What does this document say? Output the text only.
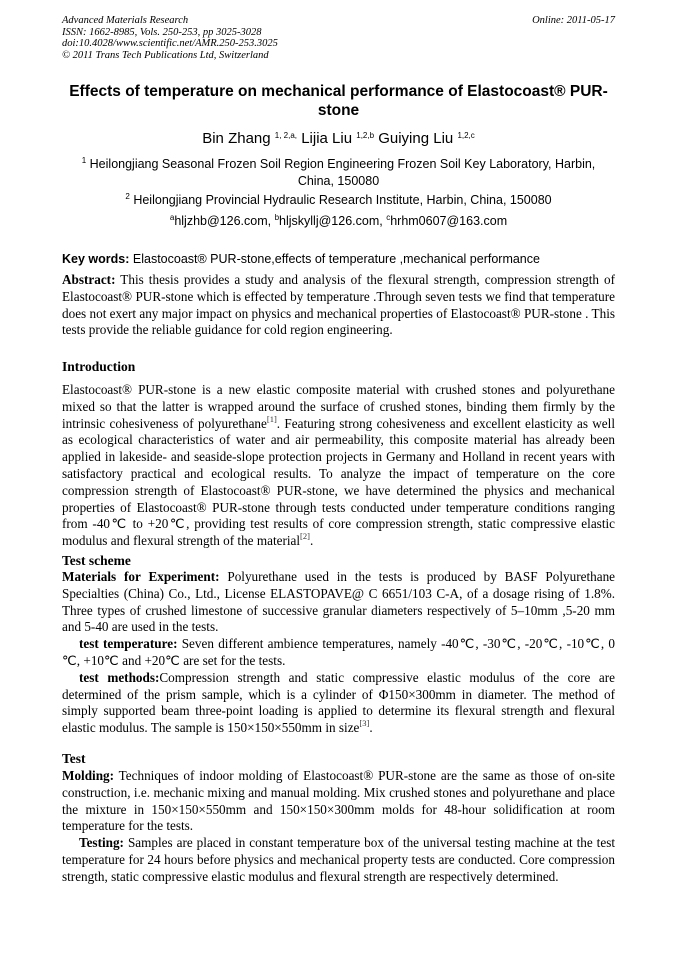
Advanced Materials Research
ISSN: 1662-8985, Vols. 250-253, pp 3025-3028
doi:10.4028/www.scientific.net/AMR.250-253.3025
© 2011 Trans Tech Publications Ltd, Switzerland
Online: 2011-05-17
Effects of temperature on mechanical performance of Elastocoast® PUR-stone
Bin Zhang $^{1, 2,a,}$ Lijia Liu $^{1,2,b}$ Guiying Liu $^{1,2,c}$
$^1$ Heilongjiang Seasonal Frozen Soil Region Engineering Frozen Soil Key Laboratory, Harbin, China, 150080
$^2$ Heilongjiang Provincial Hydraulic Research Institute, Harbin, China, 150080
$^a$hljzhb@126.com, $^b$hljskyllj@126.com, $^c$hrhm0607@163.com
Key words: Elastocoast® PUR-stone,effects of temperature ,mechanical performance

Abstract: This thesis provides a study and analysis of the flexural strength, compression strength of Elastocoast® PUR-stone which is effected by temperature .Through seven tests we find that temperature does not exert any major impact on physics and mechanical properties of Elastocoast® PUR-stone . This tests provide the reliable guidance for cold region engineering.

Introduction

Elastocoast® PUR-stone is a new elastic composite material with crushed stones and polyurethane mixed so that the latter is wrapped around the surface of crushed stones, binding them firmly by the intrinsic cohesiveness of polyurethane[1]. Featuring strong cohesiveness and excellent elasticity as well as ecological characteristics of water and air permeability, this composite material has already been applied in lakeside- and seaside-slope protection projects in Germany and Holland in recent years with satisfactory practical and ecological results. To analyze the impact of temperature on the core compression strength of Elastocoast® PUR-stone, we have determined the physics and mechanical properties of Elastocoast® PUR-stone through tests conducted under temperature conditions ranging from -40℃ to +20℃, providing test results of core compression strength, static compressive elastic modulus and flexural strength of the material[2].

Test scheme

Materials for Experiment: Polyurethane used in the tests is produced by BASF Polyurethane Specialties (China) Co., Ltd., License ELASTOPAVE@ C 6651/103 C-A, of a dosage rising of 1.8%. Three types of crushed limestone of successive granular diameters respectively of 5–10mm ,5-20 mm and 5-40 are used in the tests.

test temperature: Seven different ambience temperatures, namely -40℃, -30℃, -20℃, -10℃, 0 ℃, +10℃ and +20℃ are set for the tests.

test methods:Compression strength and static compressive elastic modulus of the core are determined of the prism sample, which is a cylinder of Φ150×300mm in diameter. The method of simply supported beam three-point loading is applied to determine its flexural strength and flexural elastic modulus. The sample is 150×150×550mm in size[3].

Test

Molding: Techniques of indoor molding of Elastocoast® PUR-stone are the same as those of on-site construction, i.e. mechanic mixing and manual molding. Mix crushed stones and polyurethane and place the mixture in 150×150×550mm and 150×150×300mm molds for 48-hour solidification at room temperature for the tests.

Testing: Samples are placed in constant temperature box of the universal testing machine at the test temperature for 24 hours before physics and mechanical property tests are conducted. Core compression strength, static compressive elastic modulus and flexural strength are respectively determined.
